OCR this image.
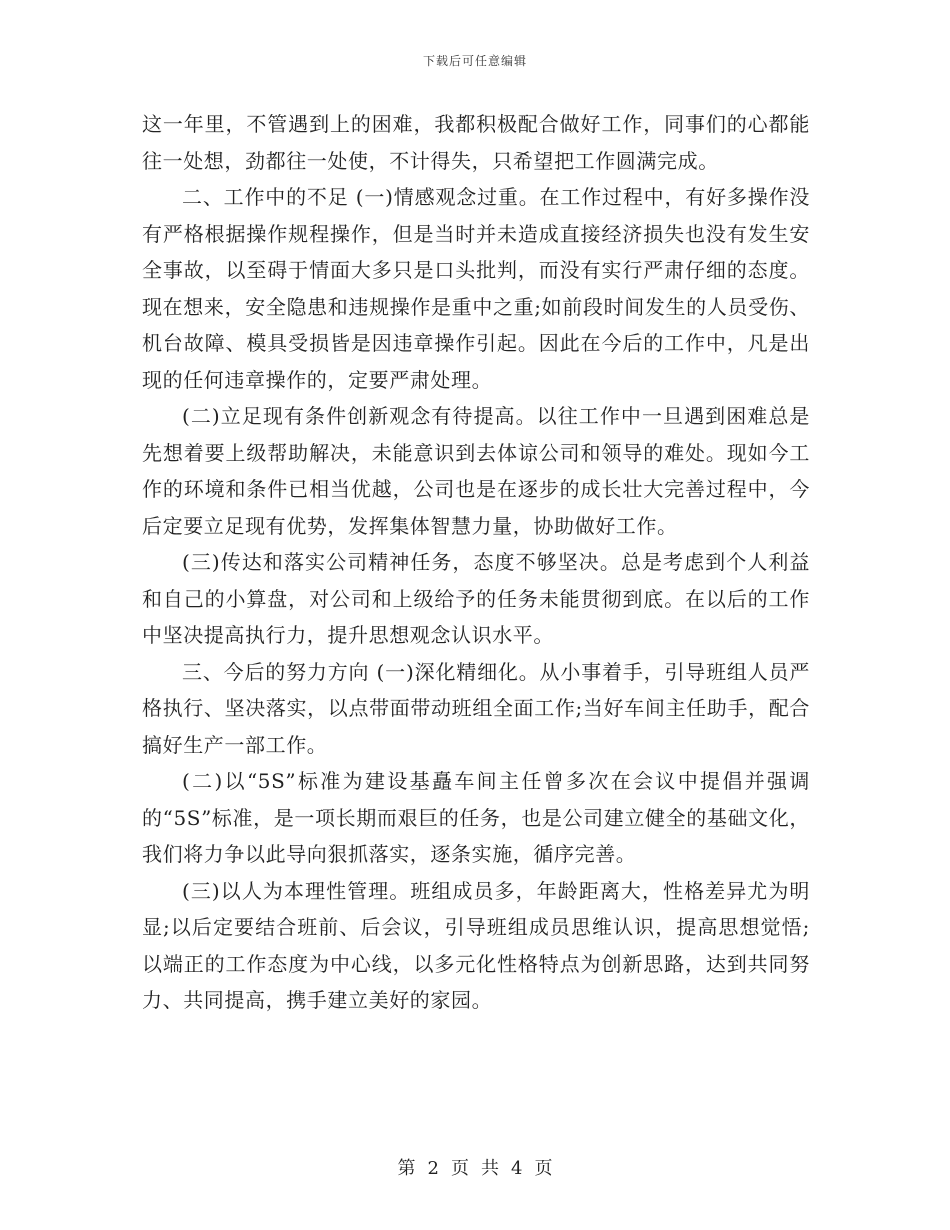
下载后可任意编辑

这一年里，不管遇到上的困难，我都积极配合做好工作，同事们的心都能往一处想，劲都往一处使，不计得失，只希望把工作圆满完成。

二、工作中的不足 (一)情感观念过重。在工作过程中，有好多操作没有严格根据操作规程操作，但是当时并未造成直接经济损失也没有发生安全事故，以至碍于情面大多只是口头批判，而没有实行严肃仔细的态度。现在想来，安全隐患和违规操作是重中之重;如前段时间发生的人员受伤、机台故障、模具受损皆是因违章操作引起。因此在今后的工作中，凡是出现的任何违章操作的，定要严肃处理。

(二)立足现有条件创新观念有待提高。以往工作中一旦遇到困难总是先想着要上级帮助解决，未能意识到去体谅公司和领导的难处。现如今工作的环境和条件已相当优越，公司也是在逐步的成长壮大完善过程中，今后定要立足现有优势，发挥集体智慧力量，协助做好工作。

(三)传达和落实公司精神任务，态度不够坚决。总是考虑到个人利益和自己的小算盘，对公司和上级给予的任务未能贯彻到底。在以后的工作中坚决提高执行力，提升思想观念认识水平。

三、今后的努力方向 (一)深化精细化。从小事着手，引导班组人员严格执行、坚决落实，以点带面带动班组全面工作;当好车间主任助手，配合搞好生产一部工作。

(二)以“5S”标准为建设基矗车间主任曾多次在会议中提倡并强调的“5S”标准，是一项长期而艰巨的任务，也是公司建立健全的基础文化，我们将力争以此导向狠抓落实，逐条实施，循序完善。

(三)以人为本理性管理。班组成员多，年龄距离大，性格差异尤为明显;以后定要结合班前、后会议，引导班组成员思维认识，提高思想觉悟;以端正的工作态度为中心线，以多元化性格特点为创新思路，达到共同努力、共同提高，携手建立美好的家园。

第 2 页 共 4 页
